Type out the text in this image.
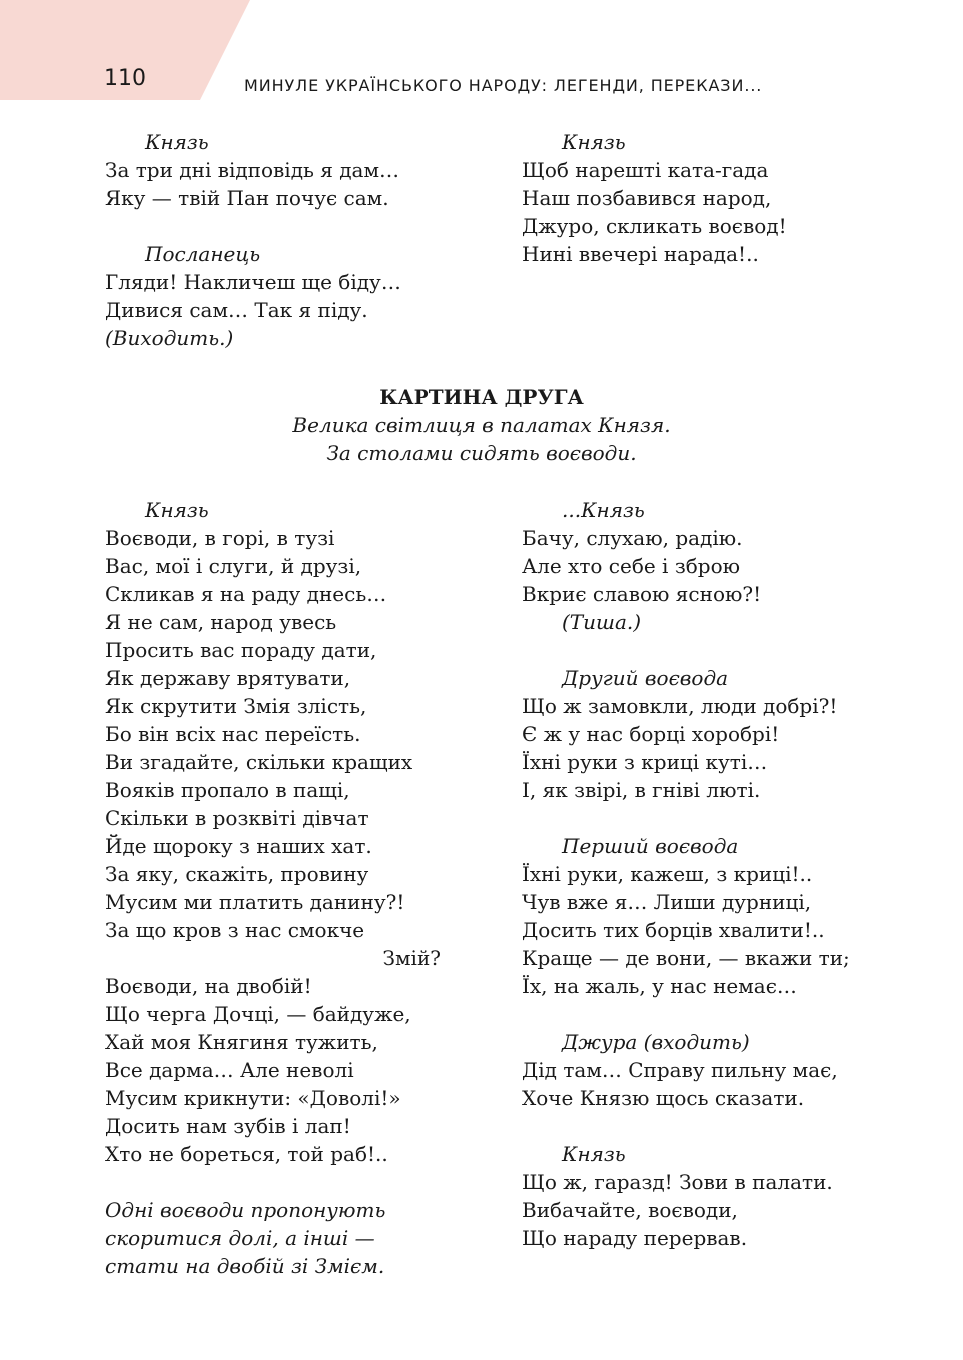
110	МИНУЛЕ УКРАЇНСЬКОГО НАРОДУ: ЛЕГЕНДИ, ПЕРЕКАЗИ...
Князь
За три дні відповідь я дам…
Яку — твій Пан почує сам.
Посланець
Гляди! Накличеш ще біду…
Дивися сам… Так я піду.
(Виходить.)
Князь
Щоб нарешті ката-гада
Наш позбавився народ,
Джуро, скликать воєвод!
Нині ввечері нарада!..
КАРТИНА ДРУГА
Велика світлиця в палатах Князя.
За столами сидять воєводи.
Князь
Воєводи, в горі, в тузі
Вас, мої і слуги, й друзі,
Скликав я на раду днесь…
Я не сам, народ увесь
Просить вас пораду дати,
Як державу врятувати,
Як скрутити Змія злість,
Бо він всіх нас переїсть.
Ви згадайте, скільки кращих
Вояків пропало в пащі,
Скільки в розквіті дівчат
Йде щороку з наших хат.
За яку, скажіть, провину
Мусим ми платить данину?!
За що кров з нас смокче
Змій?
Воєводи, на двобій!
Що черга Дочці, — байдуже,
Хай моя Княгиня тужить,
Все дарма… Але неволі
Мусим крикнути: «Доволі!»
Досить нам зубів і лап!
Хто не бореться, той раб!..
Одні воєводи пропонують
скоритися долі, а інші —
стати на двобій зі Змієм.
...Князь
Бачу, слухаю, радію.
Але хто себе і зброю
Вкриє славою ясною?!
(Тиша.)
Другий воєвода
Що ж замовкли, люди добрі?!
Є ж у нас борці хоробрі!
Їхні руки з криці куті…
І, як звірі, в гніві люті.
Перший воєвода
Їхні руки, кажеш, з криці!..
Чув вже я… Лиши дурниці,
Досить тих борців хвалити!..
Краще — де вони, — вкажи ти;
Їх, на жаль, у нас немає…
Джура (входить)
Дід там… Справу пильну має,
Хоче Князю щось сказати.
Князь
Що ж, гаразд! Зови в палати.
Вибачайте, воєводи,
Що нараду перервав.
